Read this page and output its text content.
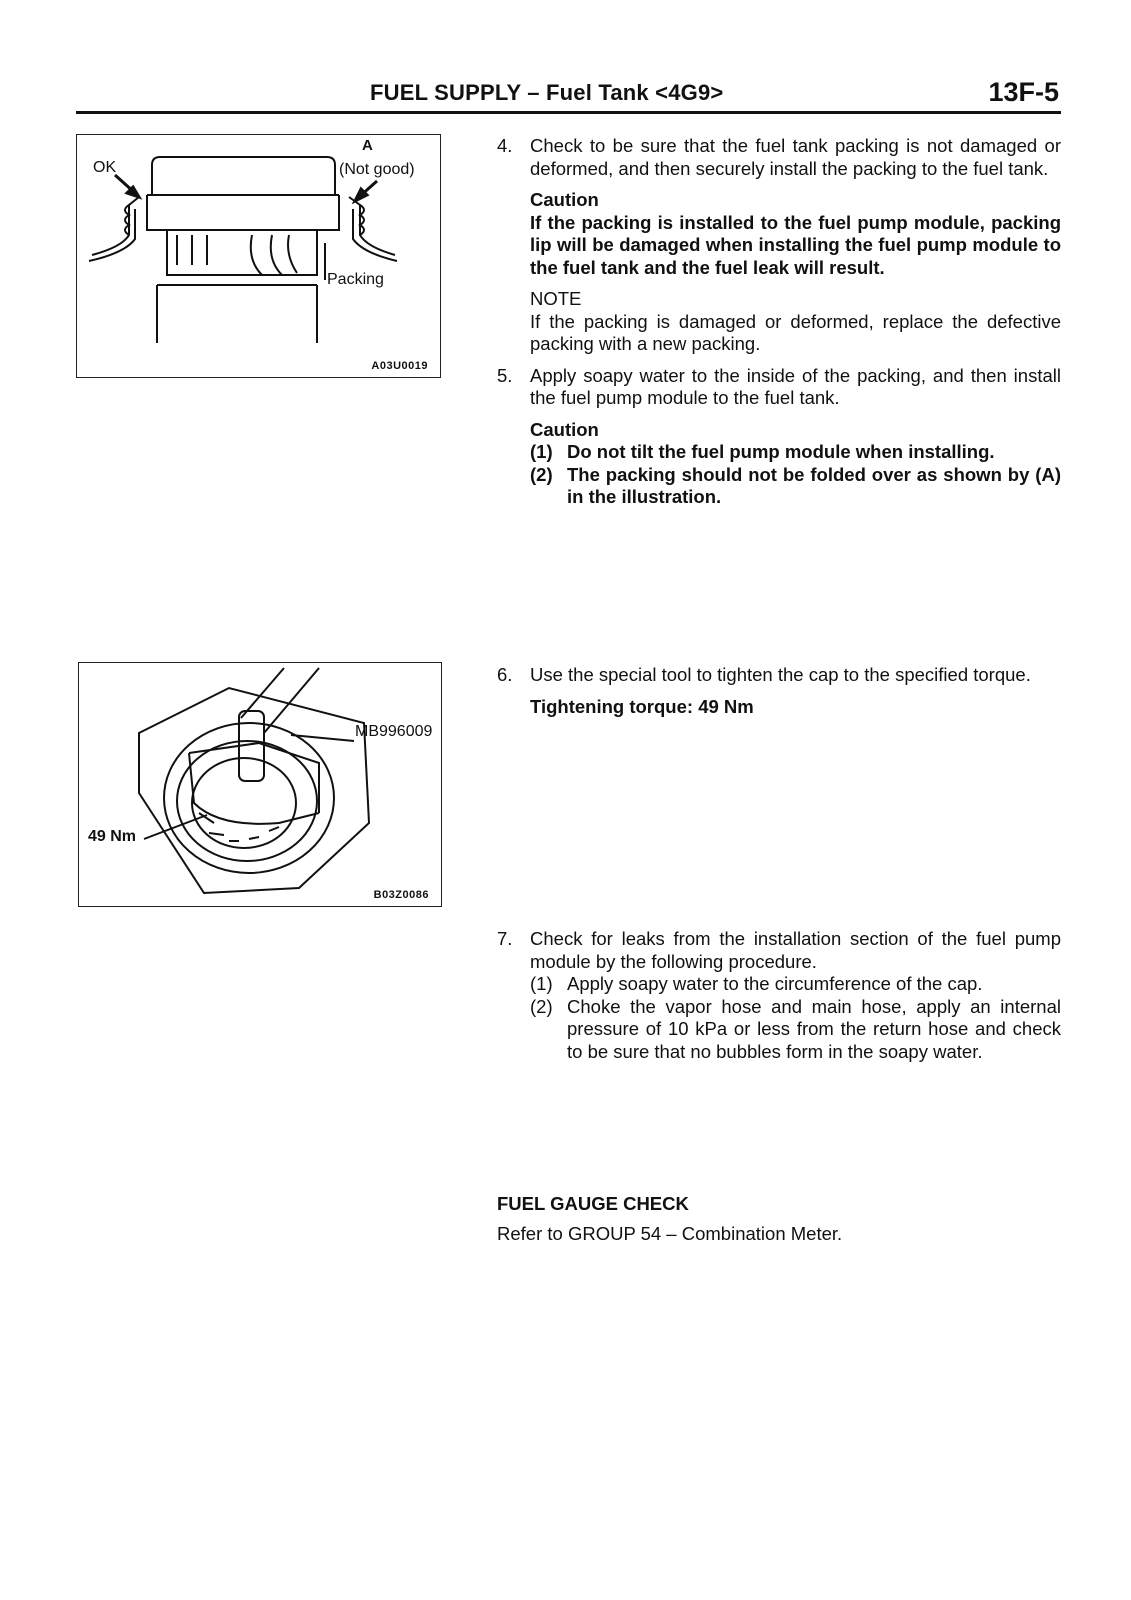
FUEL SUPPLY – Fuel Tank <4G9>	13F-5
OK
A
(Not good)
Packing
A03U0019
MB996009
49 Nm
B03Z0086
4. Check to be sure that the fuel tank packing is not damaged or deformed, and then securely install the packing to the fuel tank.

Caution
If the packing is installed to the fuel pump module, packing lip will be damaged when installing the fuel pump module to the fuel tank and the fuel leak will result.
NOTE

If the packing is damaged or deformed, replace the defective packing with a new packing.

5. Apply soapy water to the inside of the packing, and then install the fuel pump module to the fuel tank.

Caution
(1) Do not tilt the fuel pump module when installing.
(2) The packing should not be folded over as shown by (A) in the illustration.
6. Use the special tool to tighten the cap to the specified torque.

Tightening torque: 49 Nm
7. Check for leaks from the installation section of the fuel pump module by the following procedure.

(1) Apply soapy water to the circumference of the cap.
(2) Choke the vapor hose and main hose, apply an internal pressure of 10 kPa or less from the return hose and check to be sure that no bubbles form in the soapy water.
FUEL GAUGE CHECK
Refer to GROUP 54 – Combination Meter.
